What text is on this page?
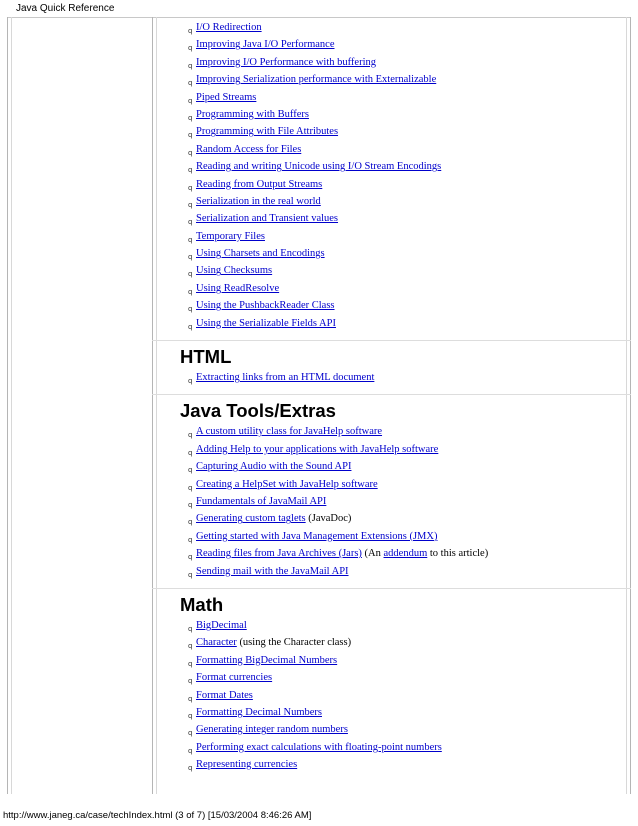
Java Quick Reference
q I/O Redirection
q Improving Java I/O Performance
q Improving I/O Performance with buffering
q Improving Serialization performance with Externalizable
q Piped Streams
q Programming with Buffers
q Programming with File Attributes
q Random Access for Files
q Reading and writing Unicode using I/O Stream Encodings
q Reading from Output Streams
q Serialization in the real world
q Serialization and Transient values
q Temporary Files
q Using Charsets and Encodings
q Using Checksums
q Using ReadResolve
q Using the PushbackReader Class
q Using the Serializable Fields API
HTML
q Extracting links from an HTML document
Java Tools/Extras
q A custom utility class for JavaHelp software
q Adding Help to your applications with JavaHelp software
q Capturing Audio with the Sound API
q Creating a HelpSet with JavaHelp software
q Fundamentals of JavaMail API
q Generating custom taglets (JavaDoc)
q Getting started with Java Management Extensions (JMX)
q Reading files from Java Archives (Jars) (An addendum to this article)
q Sending mail with the JavaMail API
Math
q BigDecimal
q Character (using the Character class)
q Formatting BigDecimal Numbers
q Format currencies
q Format Dates
q Formatting Decimal Numbers
q Generating integer random numbers
q Performing exact calculations with floating-point numbers
q Representing currencies
http://www.janeg.ca/case/techIndex.html (3 of 7) [15/03/2004 8:46:26 AM]
